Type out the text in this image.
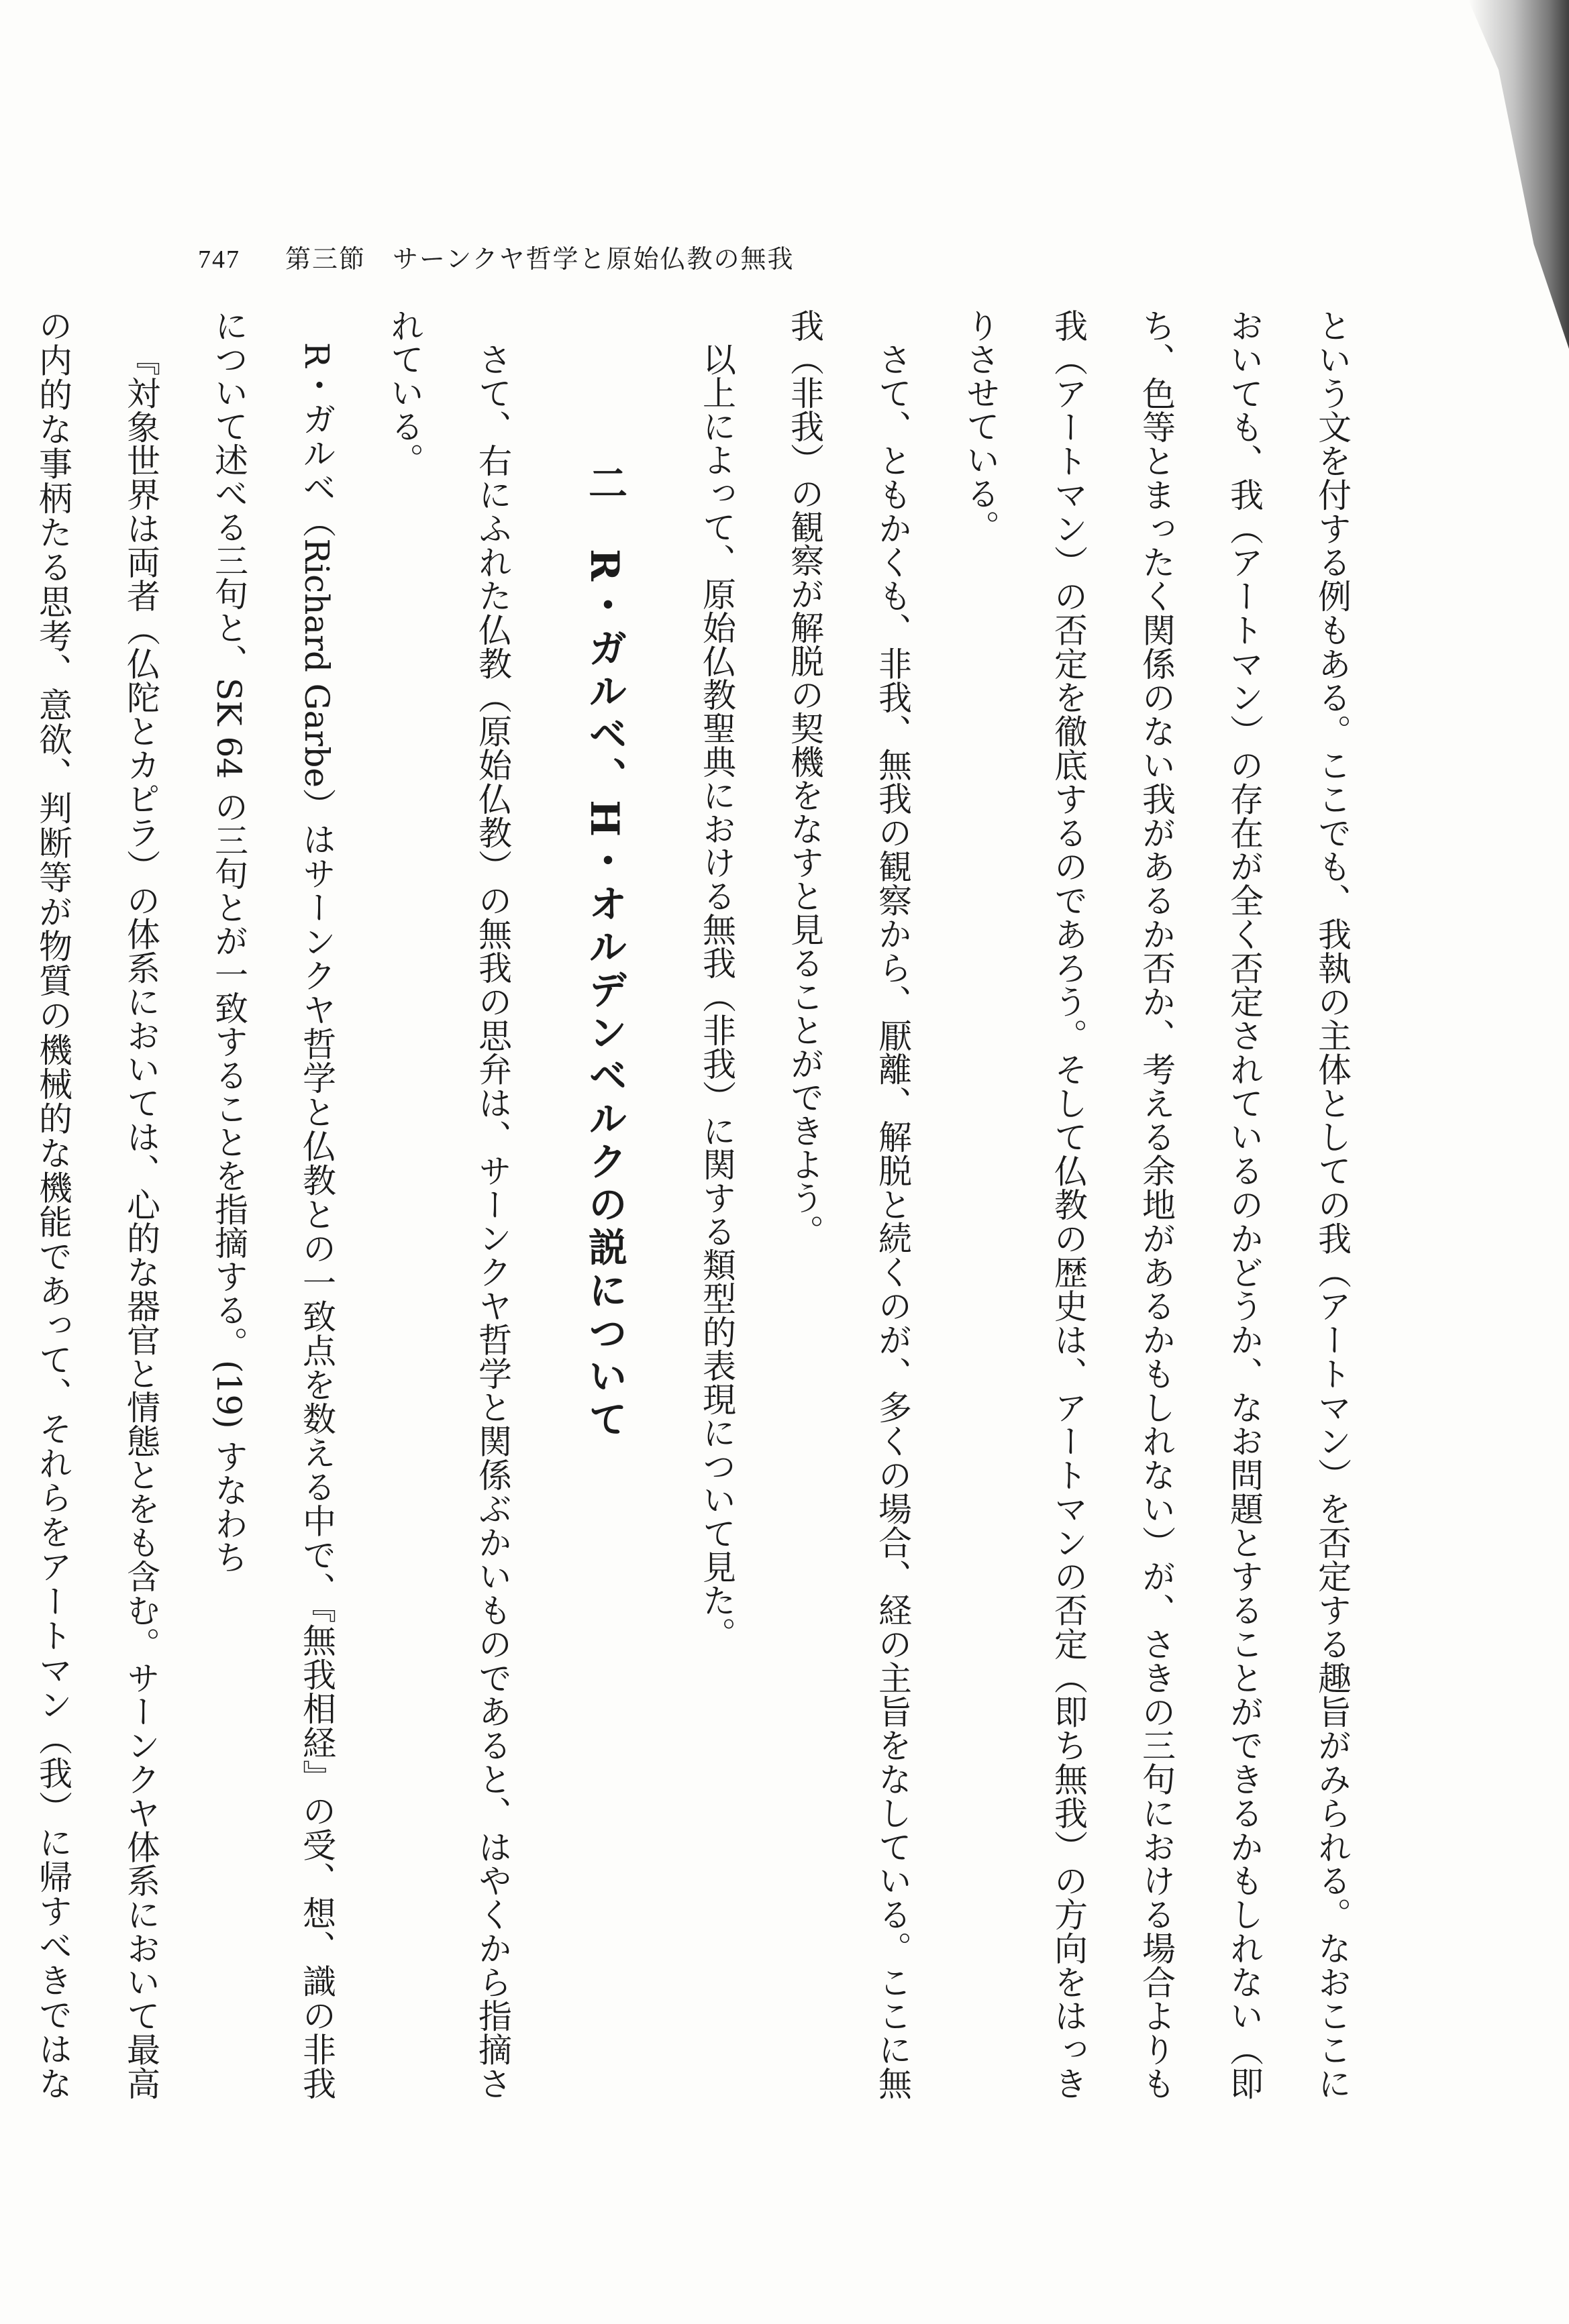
747 第三節　サーンクヤ哲学と原始仏教の無我

という文を付する例もある。ここでも、我執の主体としての我（アートマン）を否定する趣旨がみられる。なおここにおいても、我（アートマン）の存在が全く否定されているのかどうか、なお問題とすることができるかもしれない（即ち、色等とまったく関係のない我があるか否か、考える余地があるかもしれない）が、さきの三句における場合よりも我（アートマン）の否定を徹底するのであろう。そして仏教の歴史は、アートマンの否定（即ち無我）の方向をはっきりさせている。

さて、ともかくも、非我、無我の観察から、厭離、解脱と続くのが、多くの場合、経の主旨をなしている。ここに無我（非我）の観察が解脱の契機をなすと見ることができよう。

以上によって、原始仏教聖典における無我（非我）に関する類型的表現について見た。

二　R・ガルベ、H・オルデンベルクの説について

さて、右にふれた仏教（原始仏教）の無我の思弁は、サーンクヤ哲学と関係ぶかいものであると、はやくから指摘されている。

R・ガルベ（Richard Garbe）はサーンクヤ哲学と仏教との一致点を数える中で、『無我相経』の受、想、識の非我について述べる三句と、SK 64 の三句とが一致することを指摘する。(19) すなわち

『対象世界は両者（仏陀とカピラ）の体系においては、心的な器官と情態とをも含む。サーンクヤ体系において最高の内的な事柄たる思考、意欲、判断等が物質の機械的な機能であって、それらをアートマン（我）に帰すべきではな
